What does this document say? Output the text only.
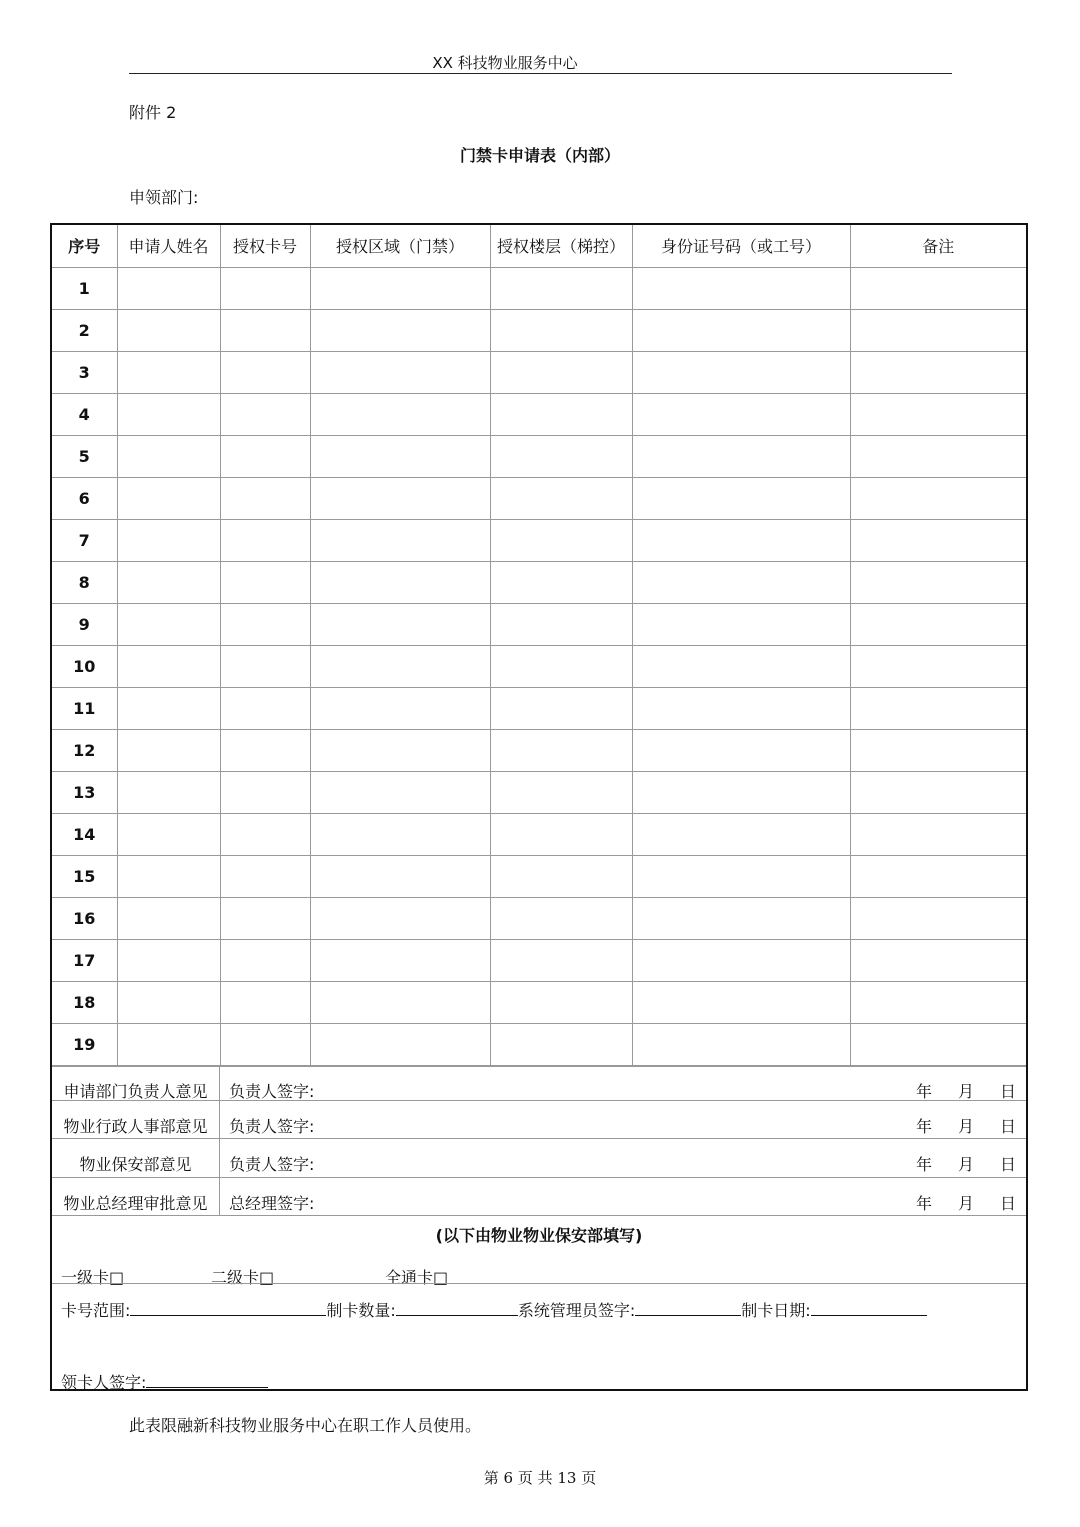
XX 科技物业服务中心
附件 2
门禁卡申请表（内部）
申领部门:
序号	申请人姓名	授权卡号	授权区域（门禁）	授权楼层（梯控）	身份证号码（或工号）	备注
1						
2						
3						
4						
5						
6						
7						
8						
9						
10						
11						
12						
13						
14						
15						
16						
17						
18						
19						
申请部门负责人意见	负责人签字:	年 月 日
物业行政人事部意见	负责人签字:	年 月 日
物业保安部意见	负责人签字:	年 月 日
物业总经理审批意见	总经理签字:	年 月 日
(以下由物业物业保安部填写)
一级卡□	二级卡□	全通卡□
卡号范围:	制卡数量:	系统管理员签字:	制卡日期:
领卡人签字:
此表限融新科技物业服务中心在职工作人员使用。
第 6 页 共 13 页
